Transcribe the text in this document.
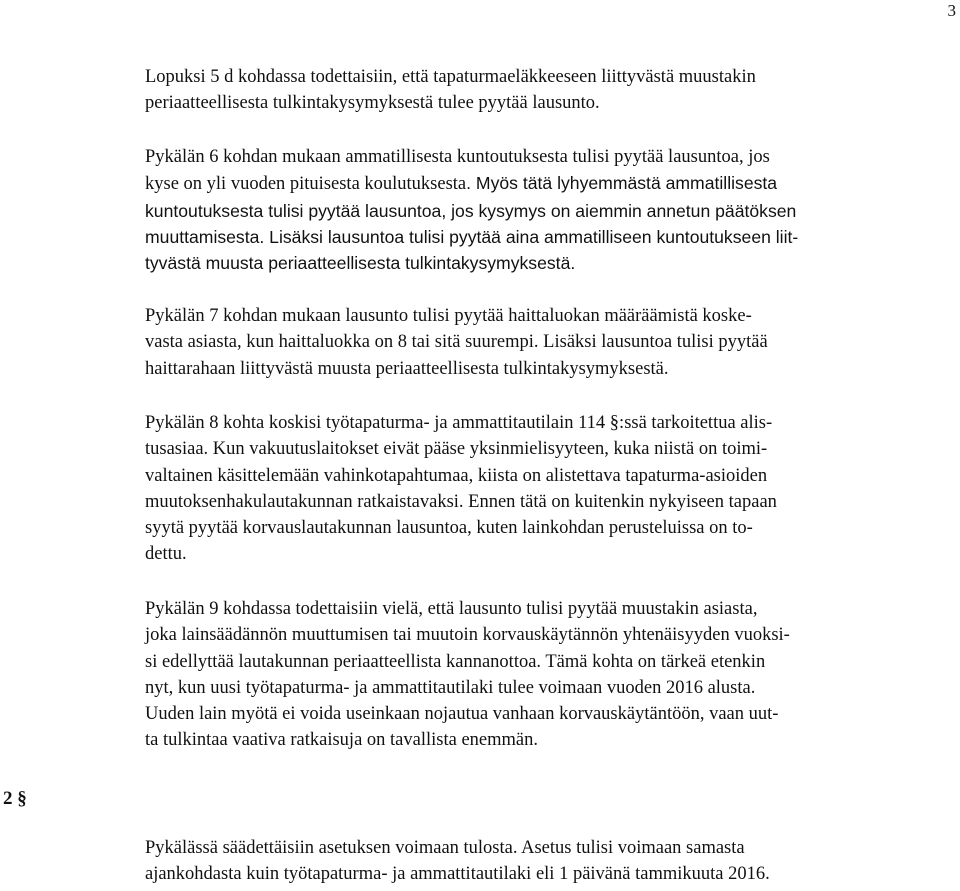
3

Lopuksi 5 d kohdassa todettaisiin, että tapaturmaeläkkeeseen liittyvästä muustakin
periaatteellisesta tulkintakysymyksestä tulee pyytää lausunto.

Pykälän 6 kohdan mukaan ammatillisesta kuntoutuksesta tulisi pyytää lausuntoa, jos
kyse on yli vuoden pituisesta koulutuksesta. Myös tätä lyhyemmästä ammatillisesta
kuntoutuksesta tulisi pyytää lausuntoa, jos kysymys on aiemmin annetun päätöksen
muuttamisesta. Lisäksi lausuntoa tulisi pyytää aina ammatilliseen kuntoutukseen liit-
tyvästä muusta periaatteellisesta tulkintakysymyksestä.

Pykälän 7 kohdan mukaan lausunto tulisi pyytää haittaluokan määräämistä koske-
vasta asiasta, kun haittaluokka on 8 tai sitä suurempi. Lisäksi lausuntoa tulisi pyytää
haittarahaan liittyvästä muusta periaatteellisesta tulkintakysymyksestä.

Pykälän 8 kohta koskisi työtapaturma- ja ammattitautilain 114 §:ssä tarkoitettua alis-
tusasiaa. Kun vakuutuslaitokset eivät pääse yksinmielisyyteen, kuka niistä on toimi-
valtainen käsittelemään vahinkotapahtumaa, kiista on alistettava tapaturma-asioiden
muutoksenhakulautakunnan ratkaistavaksi. Ennen tätä on kuitenkin nykyiseen tapaan
syytä pyytää korvauslautakunnan lausuntoa, kuten lainkohdan perusteluissa on to-
dettu.

Pykälän 9 kohdassa todettaisiin vielä, että lausunto tulisi pyytää muustakin asiasta,
joka lainsäädännön muuttumisen tai muutoin korvauskäytännön yhtenäisyyden vuoksi-
si edellyttää lautakunnan periaatteellista kannanottoa. Tämä kohta on tärkeä etenkin
nyt, kun uusi työtapaturma- ja ammattitautilaki tulee voimaan vuoden 2016 alusta.
Uuden lain myötä ei voida useinkaan nojautua vanhaan korvauskäytäntöön, vaan uut-
ta tulkintaa vaativa ratkaisuja on tavallista enemmän.

2 §

Pykälässä säädettäisiin asetuksen voimaan tulosta. Asetus tulisi voimaan samasta
ajankohdasta kuin työtapaturma- ja ammattitautilaki eli 1 päivänä tammikuuta 2016.
